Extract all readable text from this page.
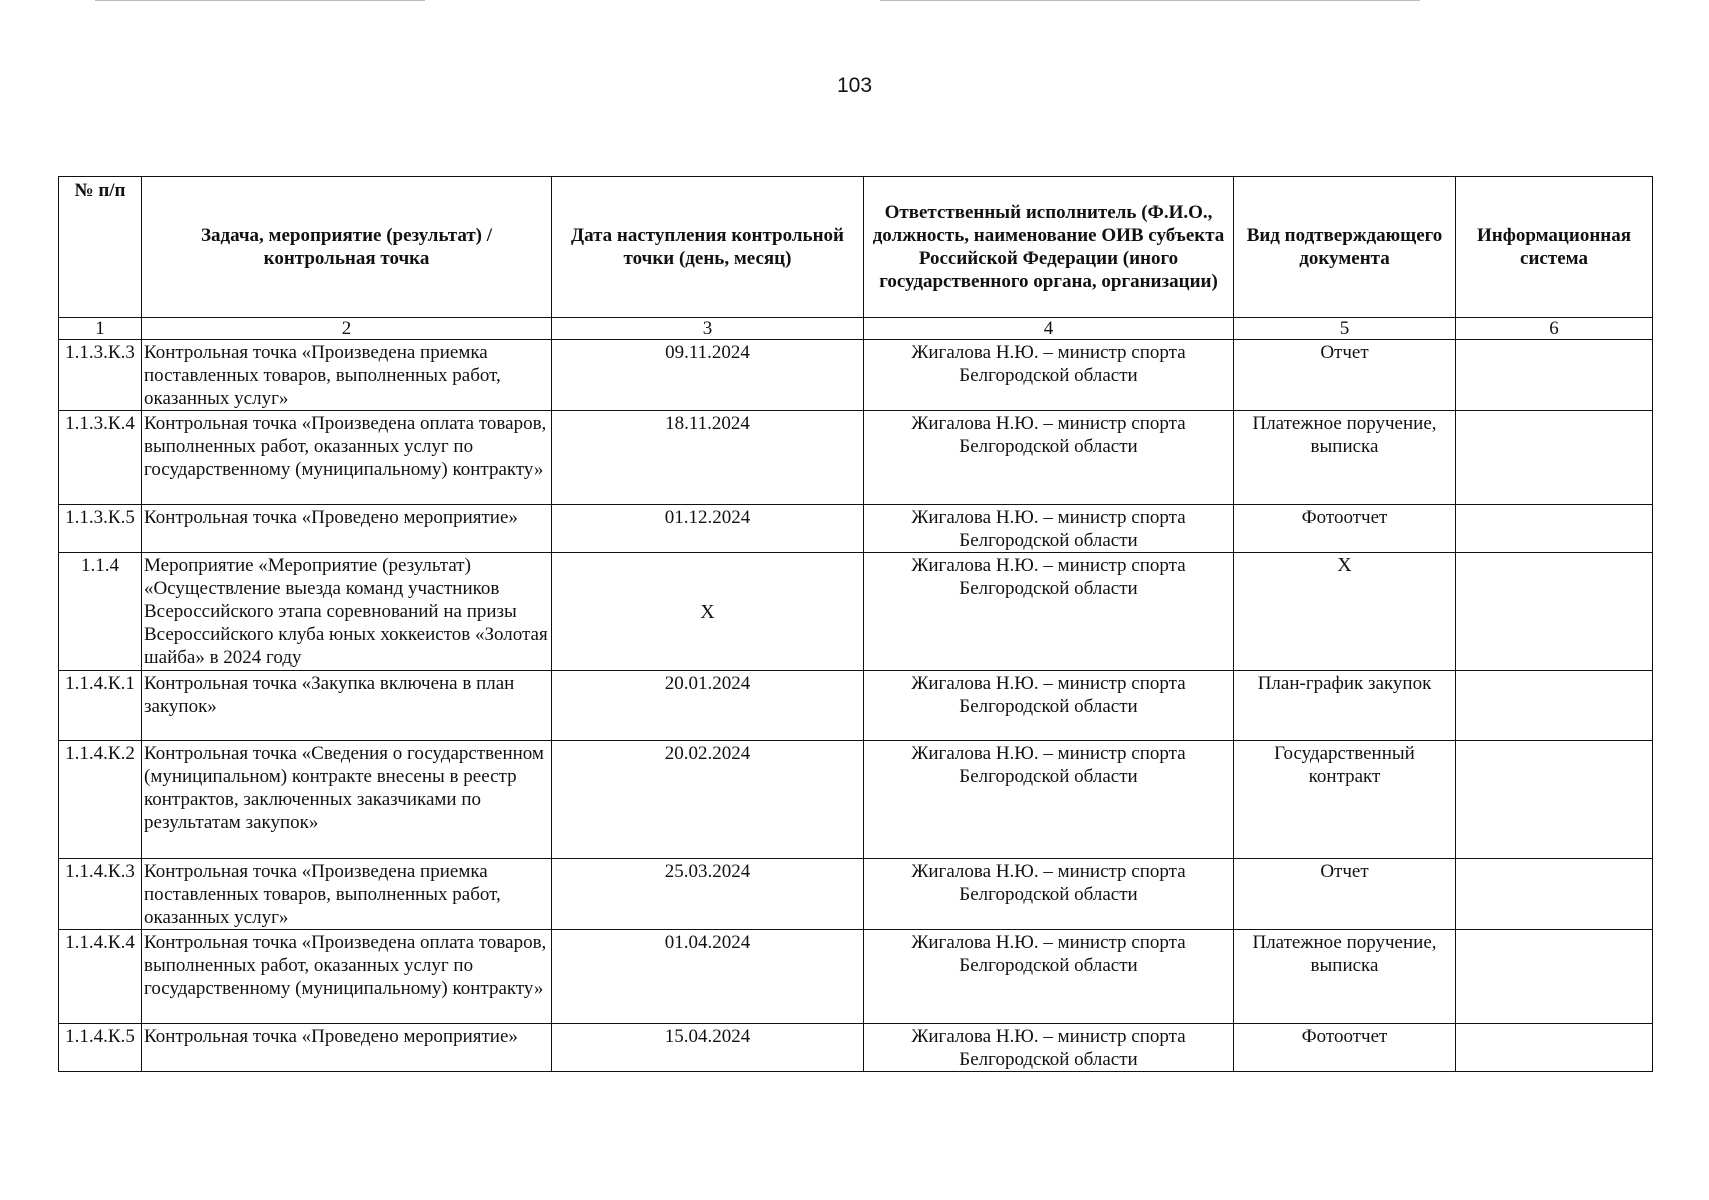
103
№ п/п	Задача, мероприятие (результат) / контрольная точка	Дата наступления контрольной точки (день, месяц)	Ответственный исполнитель (Ф.И.О., должность, наименование ОИВ субъекта Российской Федерации (иного государственного органа, организации)	Вид подтверждающего документа	Информационная система
1	2	3	4	5	6
1.1.3.К.3	Контрольная точка «Произведена приемка поставленных товаров, выполненных работ, оказанных услуг»	09.11.2024	Жигалова Н.Ю. – министр спорта Белгородской области	Отчет	
1.1.3.К.4	Контрольная точка «Произведена оплата товаров, выполненных работ, оказанных услуг по государственному (муниципальному) контракту»	18.11.2024	Жигалова Н.Ю. – министр спорта Белгородской области	Платежное поручение, выписка	
1.1.3.К.5	Контрольная точка «Проведено мероприятие»	01.12.2024	Жигалова Н.Ю. – министр спорта Белгородской области	Фотоотчет	
1.1.4	Мероприятие «Мероприятие (результат) «Осуществление выезда команд участников Всероссийского этапа соревнований на призы Всероссийского клуба юных хоккеистов «Золотая шайба» в 2024 году	Х	Жигалова Н.Ю. – министр спорта Белгородской области	Х	
1.1.4.К.1	Контрольная точка «Закупка включена в план закупок»	20.01.2024	Жигалова Н.Ю. – министр спорта Белгородской области	План-график закупок	
1.1.4.К.2	Контрольная точка «Сведения о государственном (муниципальном) контракте внесены в реестр контрактов, заключенных заказчиками по результатам закупок»	20.02.2024	Жигалова Н.Ю. – министр спорта Белгородской области	Государственный контракт	
1.1.4.К.3	Контрольная точка «Произведена приемка поставленных товаров, выполненных работ, оказанных услуг»	25.03.2024	Жигалова Н.Ю. – министр спорта Белгородской области	Отчет	
1.1.4.К.4	Контрольная точка «Произведена оплата товаров, выполненных работ, оказанных услуг по государственному (муниципальному) контракту»	01.04.2024	Жигалова Н.Ю. – министр спорта Белгородской области	Платежное поручение, выписка	
1.1.4.К.5	Контрольная точка «Проведено мероприятие»	15.04.2024	Жигалова Н.Ю. – министр спорта Белгородской области	Фотоотчет	
